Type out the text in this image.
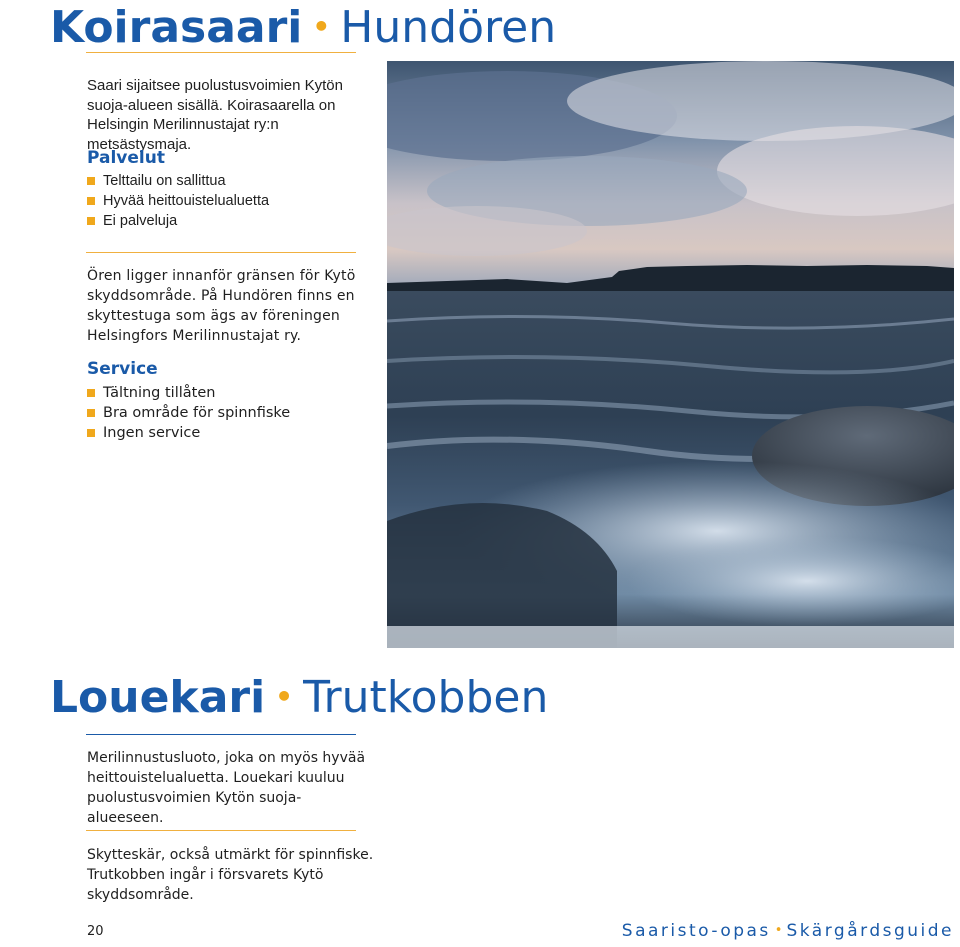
Koirasaari • Hundören

Saari sijaitsee puolustusvoimien Kytön suoja-alueen sisällä. Koirasaarella on Helsingin Merilinnustajat ry:n metsästysmaja.

Palvelut
Telttailu on sallittua
Hyvää heittouistelualuetta
Ei palveluja

Ören ligger innanför gränsen för Kytö skyddsområde. På Hundören finns en skyttestuga som ägs av föreningen Helsingfors Merilinnustajat ry.

Service
Tältning tillåten
Bra område för spinnfiske
Ingen service
Louekari • Trutkobben

Merilinnustusluoto, joka on myös hyvää heittouistelualuetta. Louekari kuuluu puolustusvoimien Kytön suoja-alueeseen.

Skytteskär, också utmärkt för spinnfiske. Trutkobben ingår i försvarets Kytö skyddsområde.

20	Saaristo-opas • Skärgårdsguide
